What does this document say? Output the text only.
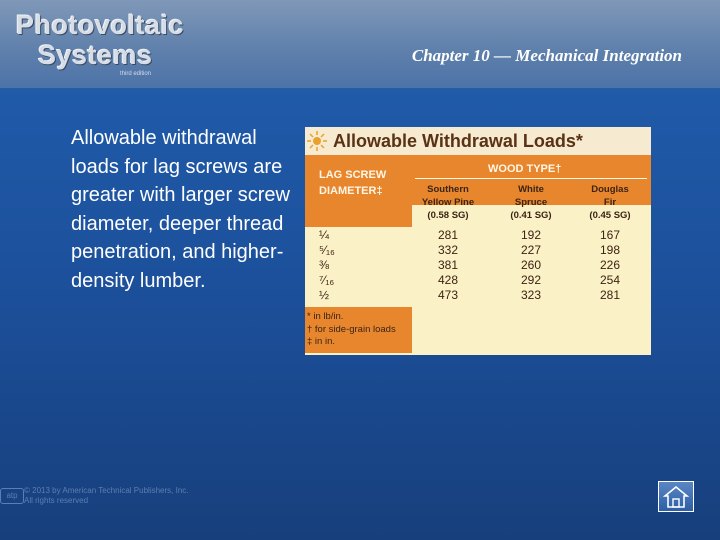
Photovoltaic
Systems
third edition
Chapter 10 — Mechanical Integration
Allowable withdrawal loads for lag screws are greater with larger screw diameter, deeper thread penetration, and higher-density lumber.
Allowable Withdrawal Loads*
LAG SCREW
DIAMETER‡
WOOD TYPE†
Southern
Yellow Pine
(0.58 SG)
White
Spruce
(0.41 SG)
Douglas
Fir
(0.45 SG)
¼	281	192	167
⁵⁄₁₆	332	227	198
⅜	381	260	226
⁷⁄₁₆	428	292	254
½	473	323	281
* in lb/in.
† for side-grain loads
‡ in in.
atp
© 2013 by American Technical Publishers, Inc.
All rights reserved
